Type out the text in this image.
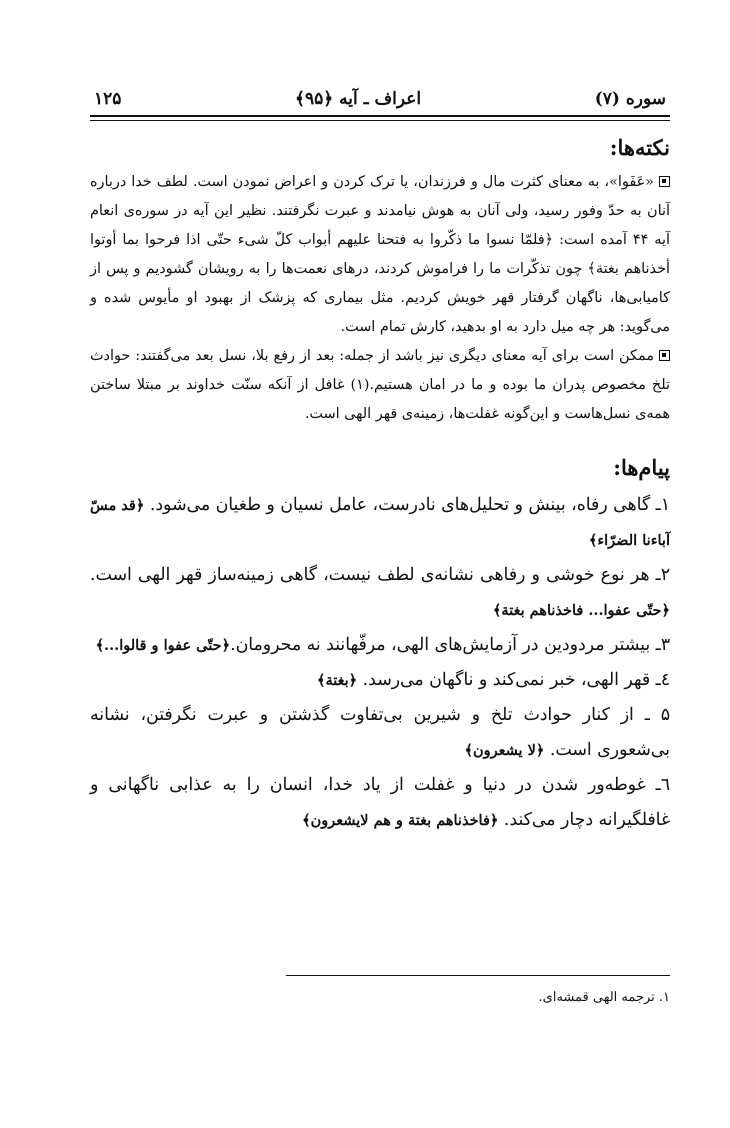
سوره (۷)
اعراف ـ آیه ﴿۹۵﴾
۱۲۵
نکته‌ها:

«عَفَوا»، به معنای کثرت مال و فرزندان، یا ترک کردن و اعراض نمودن است. لطف خدا درباره آنان به حدّ وفور رسید، ولی آنان به هوش نیامدند و عبرت نگرفتند. نظیر این آیه در سوره‌ی انعام آیه ۴۴ آمده است: ﴿فلمّا نسوا ما ذکّروا به فتحنا علیهم أبواب کلّ شیء حتّی اذا فرحوا بما أوتوا أخذناهم بغتة﴾ چون تذکّرات ما را فراموش کردند، درهای نعمت‌ها را به رویشان گشودیم و پس از کامیابی‌ها، ناگهان گرفتار قهر خویش کردیم. مثل بیماری که پزشک از بهبود او مأیوس شده و می‌گوید: هر چه میل دارد به او بدهید، کارش تمام است.

ممکن است برای آیه معنای دیگری نیز باشد از جمله: بعد از رفع بلا، نسل بعد می‌گفتند: حوادث تلخ مخصوص پدران ما بوده و ما در امان هستیم.(۱) غافل از آنکه سنّت خداوند بر مبتلا ساختن همه‌ی نسل‌هاست و این‌گونه غفلت‌ها، زمینه‌ی قهر الهی است.

پیام‌ها:

۱ـ گاهی رفاه، بینش و تحلیل‌های نادرست، عامل نسیان و طغیان می‌شود. ﴿قد مسّ آباءنا الضرّاء﴾

۲ـ هر نوع خوشی و رفاهی نشانه‌ی لطف نیست، گاهی زمینه‌ساز قهر الهی است. ﴿حتّی عفوا... فاخذناهم بغتة﴾

۳ـ بیشتر مردودین در آزمایش‌های الهی، مرفّهانند نه محرومان.﴿حتّی عفوا و قالوا...﴾

٤ـ قهر الهی، خبر نمی‌کند و ناگهان می‌رسد. ﴿بغتة﴾

۵ ـ از کنار حوادث تلخ و شیرین بی‌تفاوت گذشتن و عبرت نگرفتن، نشانه بی‌شعوری است. ﴿لا یشعرون﴾

٦ـ غوطه‌ور شدن در دنیا و غفلت از یاد خدا، انسان را به عذابی ناگهانی و غافلگیرانه دچار می‌کند. ﴿فاخذناهم بغتة و هم لایشعرون﴾

۱. ترجمه الهی قمشه‌ای.
